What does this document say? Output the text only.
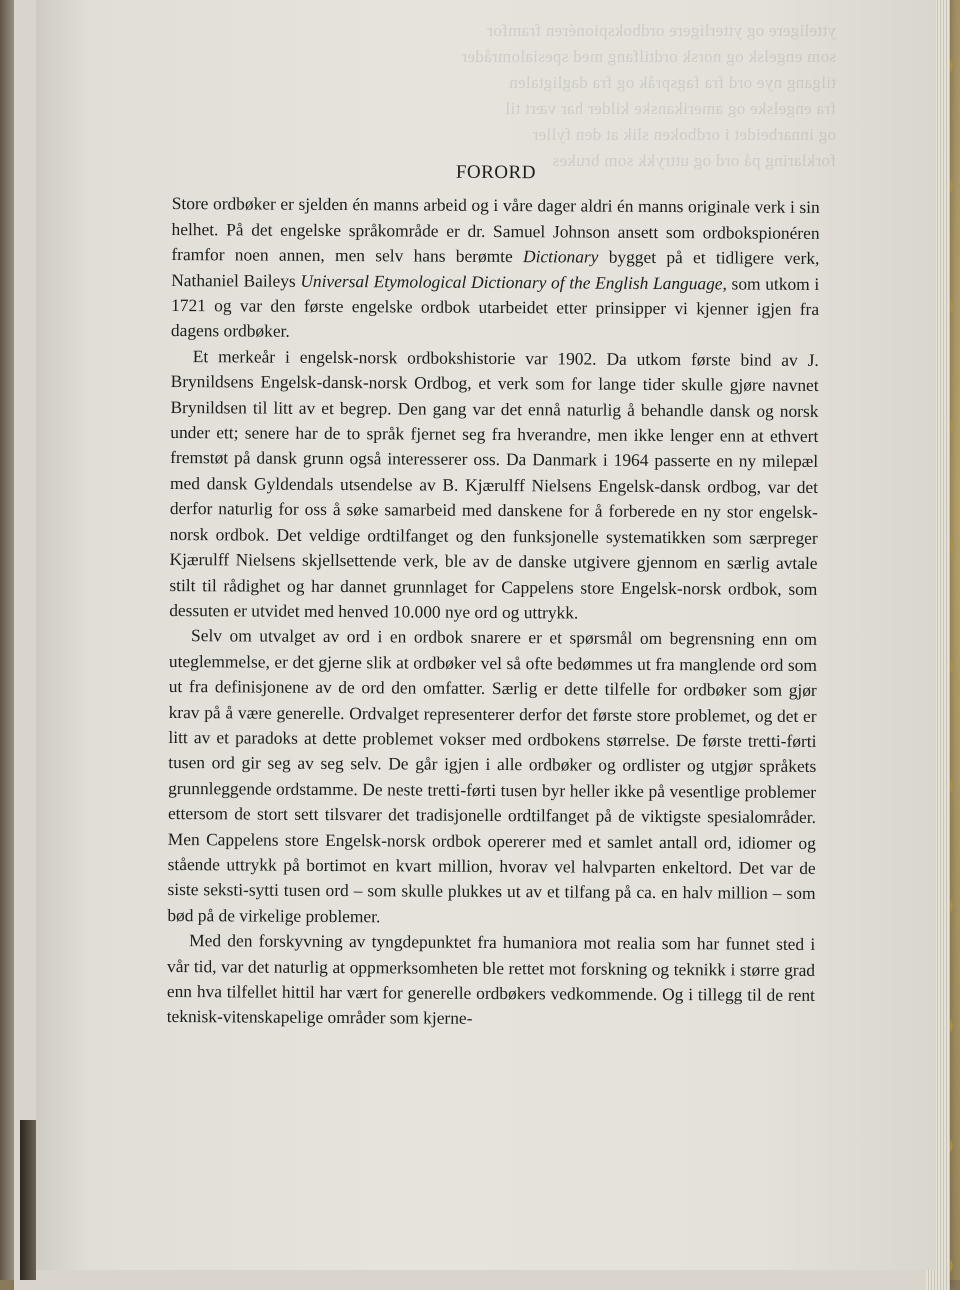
ytteligere og ytterligere ordbokspionéren framfor
som engelsk og norsk ordtilfang med spesialområder
tilgang nye ord fra fagspråk og fra dagligtalen
fra engelske og amerikanske kilder har vært til
og innarbeidet i ordboken slik at den fyller
forklaring på ord og uttrykk som brukes
FORORD

Store ordbøker er sjelden én manns arbeid og i våre dager aldri én manns originale verk i sin helhet. På det engelske språkområde er dr. Samuel Johnson ansett som ordbokspionéren framfor noen annen, men selv hans berømte Dictionary bygget på et tidligere verk, Nathaniel Baileys Universal Etymological Dictionary of the English Language, som utkom i 1721 og var den første engelske ordbok utarbeidet etter prinsipper vi kjenner igjen fra dagens ordbøker.

Et merkeår i engelsk-norsk ordbokshistorie var 1902. Da utkom første bind av J. Brynildsens Engelsk-dansk-norsk Ordbog, et verk som for lange tider skulle gjøre navnet Brynildsen til litt av et begrep. Den gang var det ennå naturlig å behandle dansk og norsk under ett; senere har de to språk fjernet seg fra hverandre, men ikke lenger enn at ethvert fremstøt på dansk grunn også interesserer oss. Da Danmark i 1964 passerte en ny milepæl med dansk Gyldendals utsendelse av B. Kjærulff Nielsens Engelsk-dansk ordbog, var det derfor naturlig for oss å søke samarbeid med danskene for å forberede en ny stor engelsk-norsk ordbok. Det veldige ordtilfanget og den funksjonelle systematikken som særpreger Kjærulff Nielsens skjellsettende verk, ble av de danske utgivere gjennom en særlig avtale stilt til rådighet og har dannet grunnlaget for Cappelens store Engelsk-norsk ordbok, som dessuten er utvidet med henved 10.000 nye ord og uttrykk.

Selv om utvalget av ord i en ordbok snarere er et spørsmål om begrensning enn om uteglemmelse, er det gjerne slik at ordbøker vel så ofte bedømmes ut fra manglende ord som ut fra definisjonene av de ord den omfatter. Særlig er dette tilfelle for ordbøker som gjør krav på å være generelle. Ordvalget representerer derfor det første store problemet, og det er litt av et paradoks at dette problemet vokser med ordbokens størrelse. De første tretti-førti tusen ord gir seg av seg selv. De går igjen i alle ordbøker og ordlister og utgjør språkets grunnleggende ordstamme. De neste tretti-førti tusen byr heller ikke på vesentlige problemer ettersom de stort sett tilsvarer det tradisjonelle ordtilfanget på de viktigste spesialområder. Men Cappelens store Engelsk-norsk ordbok opererer med et samlet antall ord, idiomer og stående uttrykk på bortimot en kvart million, hvorav vel halvparten enkeltord. Det var de siste seksti-sytti tusen ord – som skulle plukkes ut av et tilfang på ca. en halv million – som bød på de virkelige problemer.

Med den forskyvning av tyngdepunktet fra humaniora mot realia som har funnet sted i vår tid, var det naturlig at oppmerksomheten ble rettet mot forskning og teknikk i større grad enn hva tilfellet hittil har vært for generelle ordbøkers vedkommende. Og i tillegg til de rent teknisk-vitenskapelige områder som kjerne-
